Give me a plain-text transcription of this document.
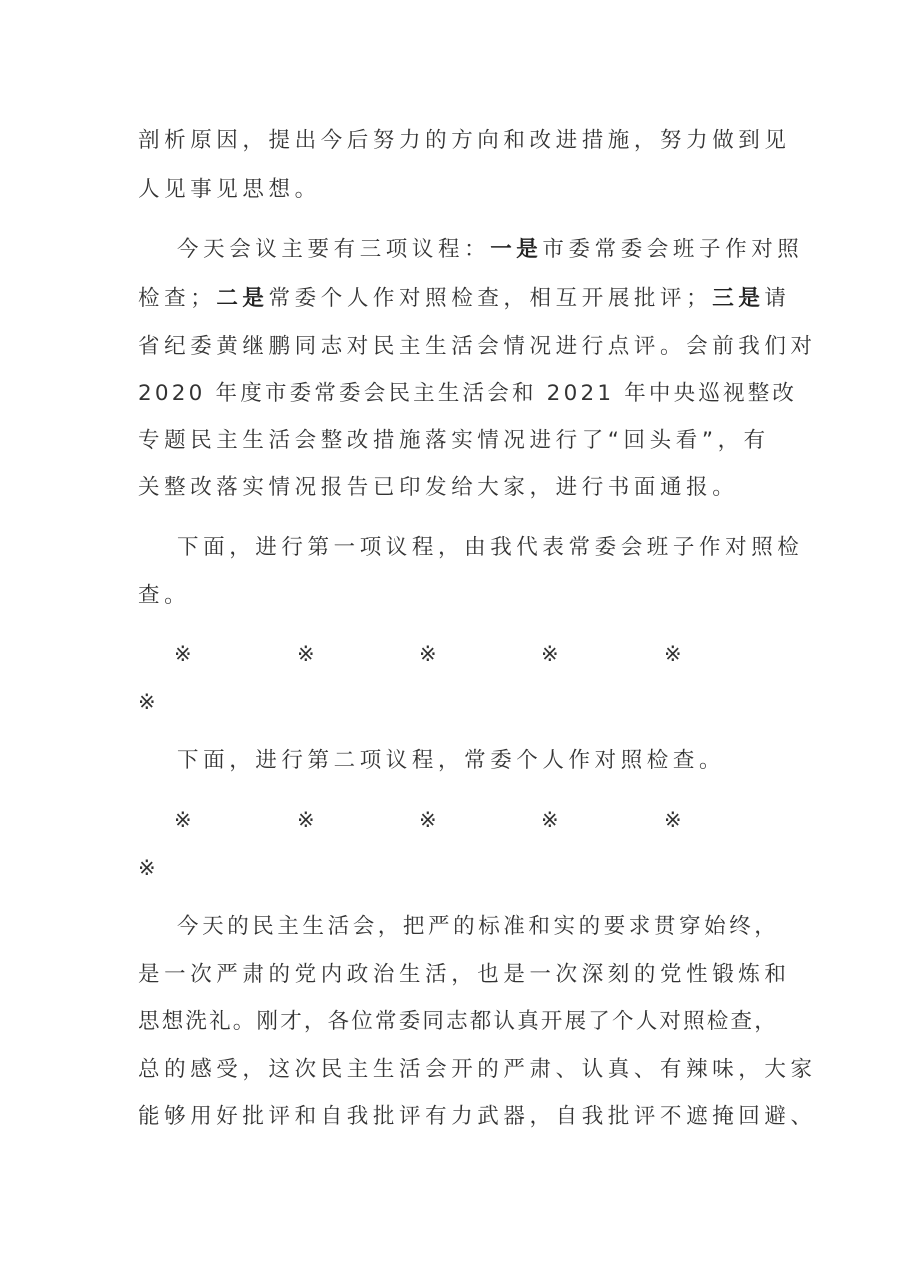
剖析原因，提出今后努力的方向和改进措施，努力做到见
人见事见思想。
今天会议主要有三项议程：一是市委常委会班子作对照
检查；二是常委个人作对照检查，相互开展批评；三是请
省纪委黄继鹏同志对民主生活会情况进行点评。会前我们对
2020 年度市委常委会民主生活会和 2021 年中央巡视整改
专题民主生活会整改措施落实情况进行了“回头看”，有
关整改落实情况报告已印发给大家，进行书面通报。
下面，进行第一项议程，由我代表常委会班子作对照检
查。
※	※	※	※	※
※
下面，进行第二项议程，常委个人作对照检查。
※	※	※	※	※
※
今天的民主生活会，把严的标准和实的要求贯穿始终，
是一次严肃的党内政治生活，也是一次深刻的党性锻炼和
思想洗礼。刚才，各位常委同志都认真开展了个人对照检查，
总的感受，这次民主生活会开的严肃、认真、有辣味，大家
能够用好批评和自我批评有力武器，自我批评不遮掩回避、
